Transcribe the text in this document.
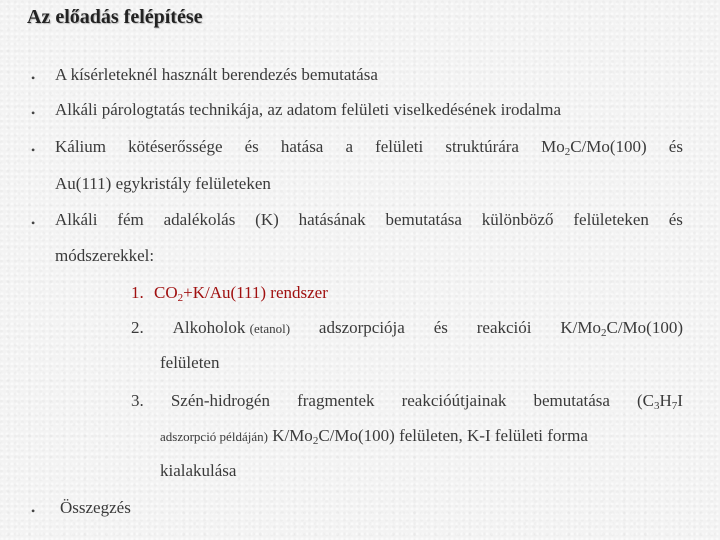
Az előadás felépítése
• A kísérleteknél használt berendezés bemutatása
• Alkáli párologtatás technikája, az adatom felületi viselkedésének irodalma
• Kálium kötéserőssége és hatása a felületi struktúrára $Mo_2C/Mo(100)$ és
Au(111) egykristály felületeken
• Alkáli fém adalékolás (K) hatásának bemutatása különböző felületeken és
módszerekkel:
1. $CO_2+K/Au(111)$ rendszer
2. Alkoholok (etanol) adszorpciója és reakciói $K/Mo_2C/Mo(100)$
felületen
3. Szén-hidrogén fragmentek reakcióútjainak bemutatása ($C_3H_7I$
adszorpció példáján) $K/Mo_2C/Mo(100)$ felületen, K-I felületi forma
kialakulása
• Összegzés
